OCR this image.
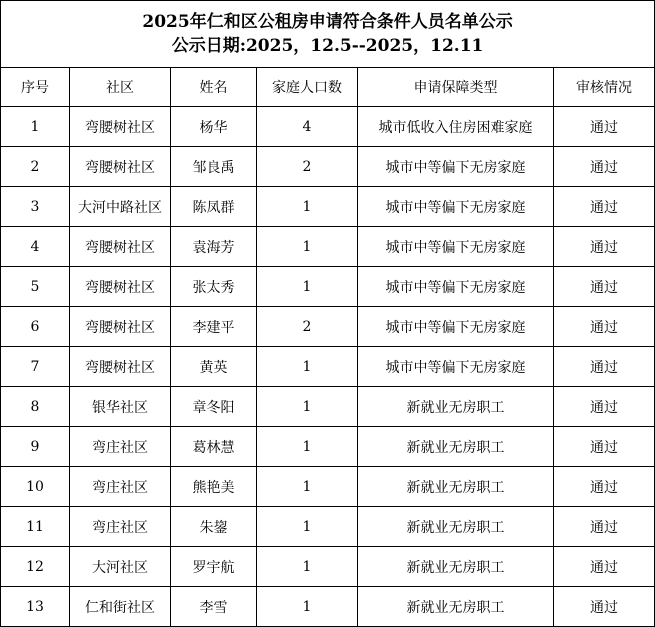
2025年仁和区公租房申请符合条件人员名单公示
公示日期:2025，12.5--2025，12.11					

序号	社区	姓名	家庭人口数	申请保障类型	审核情况
1	弯腰树社区	杨华	4	城市低收入住房困难家庭	通过
2	弯腰树社区	邹良禹	2	城市中等偏下无房家庭	通过
3	大河中路社区	陈凤群	1	城市中等偏下无房家庭	通过
4	弯腰树社区	袁海芳	1	城市中等偏下无房家庭	通过
5	弯腰树社区	张太秀	1	城市中等偏下无房家庭	通过
6	弯腰树社区	李建平	2	城市中等偏下无房家庭	通过
7	弯腰树社区	黄英	1	城市中等偏下无房家庭	通过
8	银华社区	章冬阳	1	新就业无房职工	通过
9	弯庄社区	葛林慧	1	新就业无房职工	通过
10	弯庄社区	熊艳美	1	新就业无房职工	通过
11	弯庄社区	朱鋆	1	新就业无房职工	通过
12	大河社区	罗宇航	1	新就业无房职工	通过
13	仁和街社区	李雪	1	新就业无房职工	通过
